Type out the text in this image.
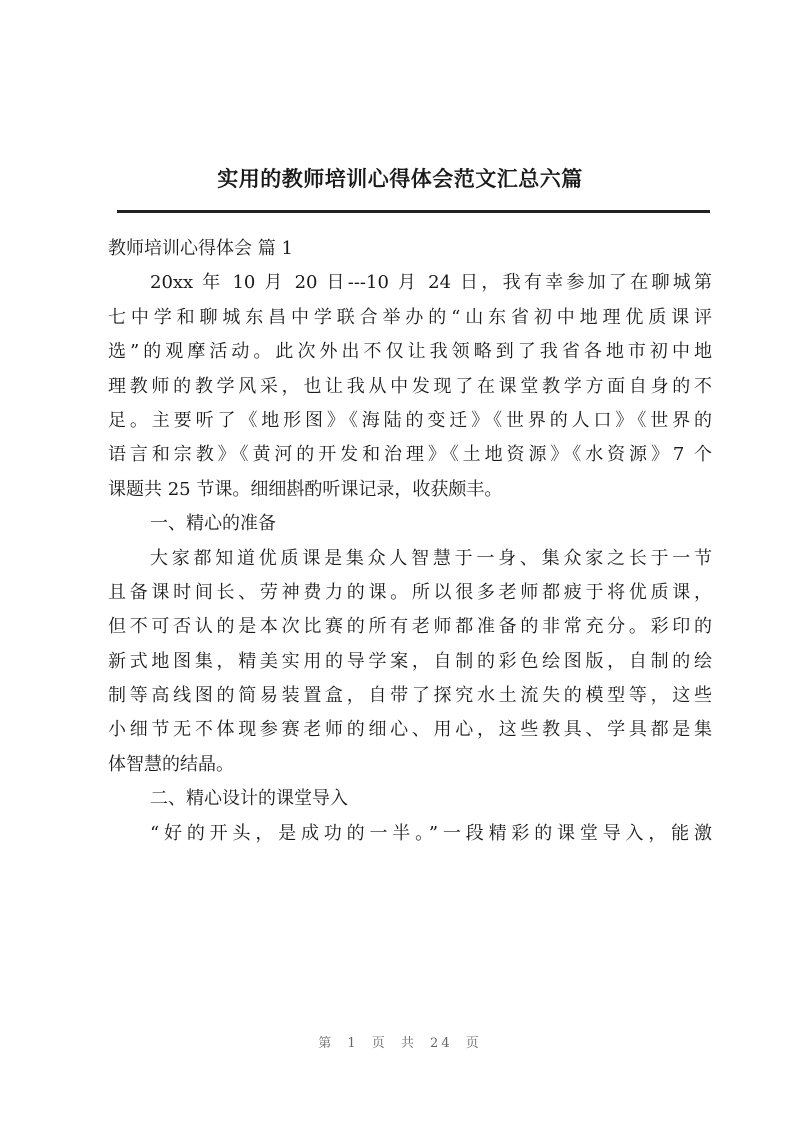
实用的教师培训心得体会范文汇总六篇
教师培训心得体会 篇 1
20xx 年 10 月 20 日---10 月 24 日，我有幸参加了在聊城第
七中学和聊城东昌中学联合举办的“山东省初中地理优质课评
选”的观摩活动。此次外出不仅让我领略到了我省各地市初中地
理教师的教学风采，也让我从中发现了在课堂教学方面自身的不
足。主要听了《地形图》《海陆的变迁》《世界的人口》《世界的
语言和宗教》《黄河的开发和治理》《土地资源》《水资源》7 个
课题共 25 节课。细细斟酌听课记录，收获颇丰。
一、精心的准备
大家都知道优质课是集众人智慧于一身、集众家之长于一节
且备课时间长、劳神费力的课。所以很多老师都疲于将优质课，
但不可否认的是本次比赛的所有老师都准备的非常充分。彩印的
新式地图集，精美实用的导学案，自制的彩色绘图版，自制的绘
制等高线图的简易装置盒，自带了探究水土流失的模型等，这些
小细节无不体现参赛老师的细心、用心，这些教具、学具都是集
体智慧的结晶。
二、精心设计的课堂导入
“好的开头，是成功的一半。”一段精彩的课堂导入，能激
第 1 页 共 24 页
